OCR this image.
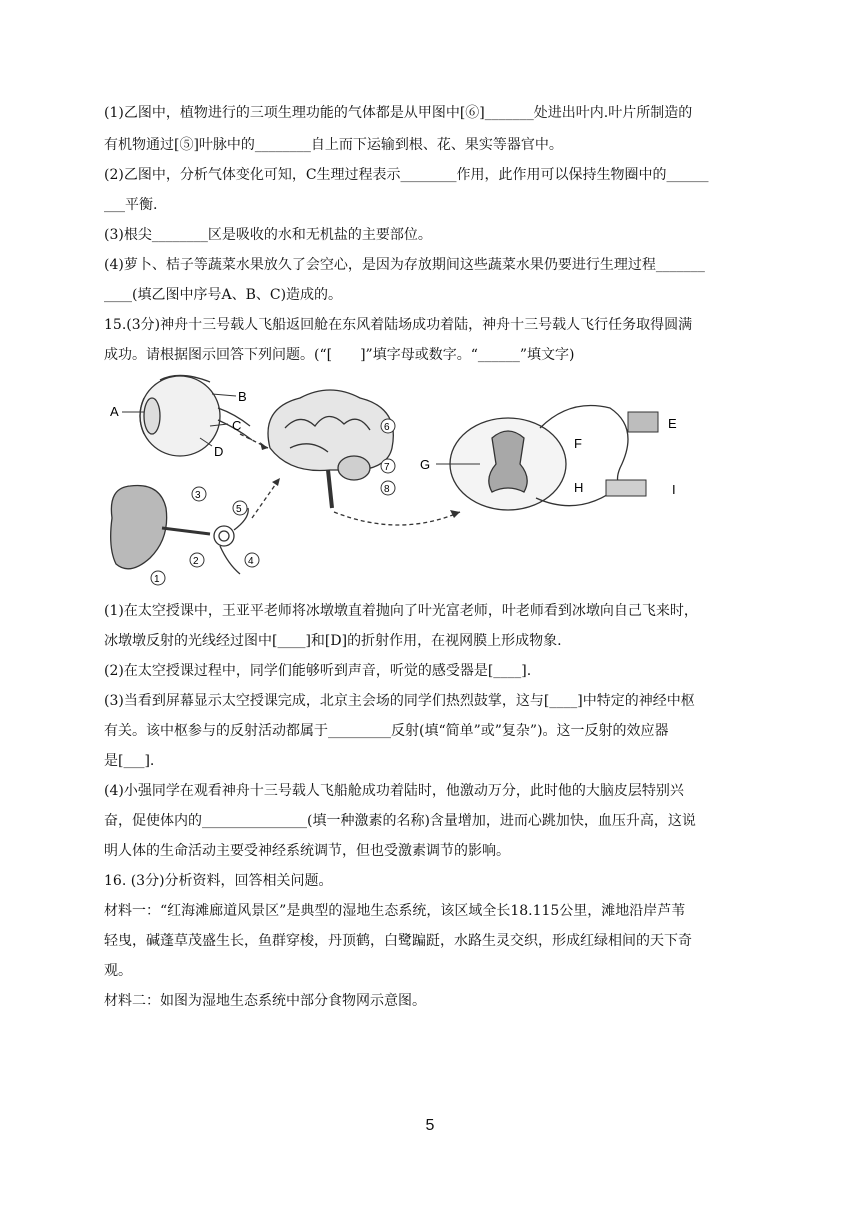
(1)乙图中，植物进行的三项生理功能的气体都是从甲图中[⑥]_______处进出叶内.叶片所制造的
有机物通过[⑤]叶脉中的________自上而下运输到根、花、果实等器官中。
(2)乙图中，分析气体变化可知，C生理过程表示________作用，此作用可以保持生物圈中的______
___平衡.
(3)根尖________区是吸收的水和无机盐的主要部位。
(4)萝卜、桔子等蔬菜水果放久了会空心，是因为存放期间这些蔬菜水果仍要进行生理过程_______
____(填乙图中序号A、B、C)造成的。
15.(3分)神舟十三号载人飞船返回舱在东风着陆场成功着陆，神舟十三号载人飞行任务取得圆满
成功。请根据图示回答下列问题。(“[　　]”填字母或数字。“______”填文字)
A
B
C
D
1
2
3
4
5
6
7
8
G
F
H
E
I
(1)在太空授课中，王亚平老师将冰墩墩直着抛向了叶光富老师，叶老师看到冰墩向自己飞来时，
冰墩墩反射的光线经过图中[____]和[D]的折射作用，在视网膜上形成物象.
(2)在太空授课过程中，同学们能够听到声音，听觉的感受器是[____].
(3)当看到屏幕显示太空授课完成，北京主会场的同学们热烈鼓掌，这与[____]中特定的神经中枢
有关。该中枢参与的反射活动都属于_________反射(填“简单”或”复杂”)。这一反射的效应器
是[___].
(4)小强同学在观看神舟十三号载人飞船舱成功着陆时，他激动万分，此时他的大脑皮层特别兴
奋，促使体内的_______________(填一种激素的名称)含量增加，进而心跳加快，血压升高，这说
明人体的生命活动主要受神经系统调节，但也受激素调节的影响。
16. (3分)分析资料，回答相关问题。
材料一：“红海滩廊道风景区”是典型的湿地生态系统，该区域全长18.115公里，滩地沿岸芦苇
轻曳，碱蓬草茂盛生长，鱼群穿梭，丹顶鹤，白鹭蹁跹，水路生灵交织，形成红绿相间的天下奇
观。
材料二：如图为湿地生态系统中部分食物网示意图。
5
